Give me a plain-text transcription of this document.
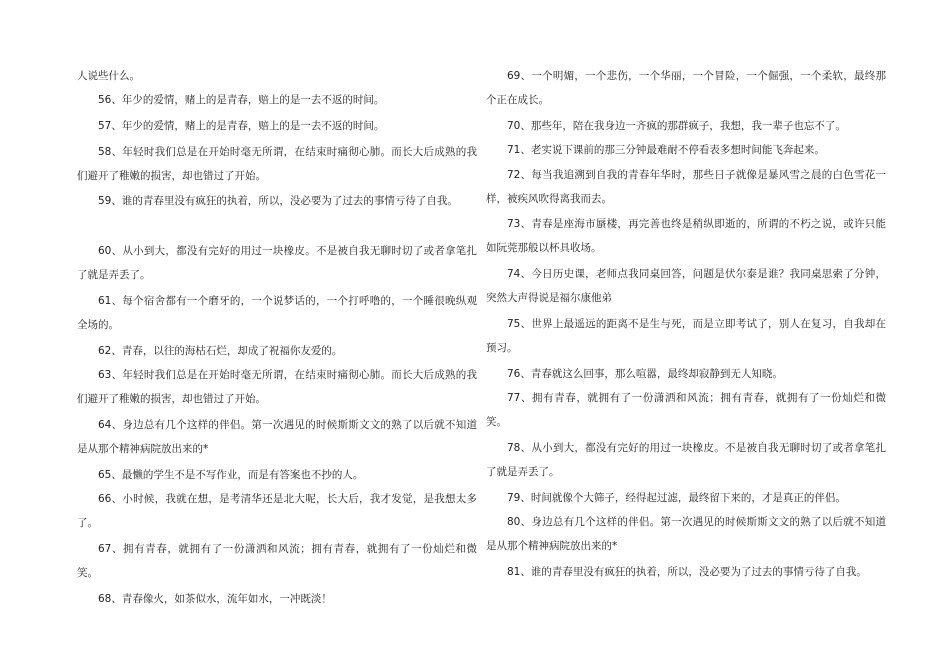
人说些什么。

56、年少的爱情，赌上的是青春，赔上的是一去不返的时间。

57、年少的爱情，赌上的是青春，赔上的是一去不返的时间。

58、年轻时我们总是在开始时毫无所谓，在结束时痛彻心肺。而长大后成熟的我们避开了稚嫩的损害，却也错过了开始。

59、谁的青春里没有疯狂的执着，所以，没必要为了过去的事情亏待了自我。

60、从小到大，都没有完好的用过一块橡皮。不是被自我无聊时切了或者拿笔扎了就是弄丢了。

61、每个宿舍都有一个磨牙的，一个说梦话的，一个打呼噜的，一个睡很晚纵观全场的。

62、青春，以往的海枯石烂，却成了祝福你友爱的。

63、年轻时我们总是在开始时毫无所谓，在结束时痛彻心肺。而长大后成熟的我们避开了稚嫩的损害，却也错过了开始。

64、身边总有几个这样的伴侣。第一次遇见的时候斯斯文文的熟了以后就不知道是从那个精神病院放出来的*

65、最懒的学生不是不写作业，而是有答案也不抄的人。

66、小时候，我就在想，是考清华还是北大呢，长大后，我才发觉，是我想太多了。

67、拥有青春，就拥有了一份潇洒和风流；拥有青春，就拥有了一份灿烂和微笑。

68、青春像火，如茶似水，流年如水，一冲既淡！

69、一个明媚，一个悲伤，一个华丽，一个冒险，一个倔强，一个柔软，最终那个正在成长。

70、那些年，陪在我身边一齐疯的那群疯子，我想，我一辈子也忘不了。

71、老实说下课前的那三分钟最难耐不停看表多想时间能飞奔起来。

72、每当我追溯到自我的青春年华时，那些日子就像是暴风雪之晨的白色雪花一样，被疾风吹得离我而去。

73、青春是座海市蜃楼，再完善也终是稍纵即逝的，所谓的不朽之说，或许只能如阮莞那般以杯具收场。

74、今日历史课，老师点我同桌回答，问题是伏尔泰是谁？我同桌思索了分钟，突然大声得说是福尔康他弟

75、世界上最遥远的距离不是生与死，而是立即考试了，别人在复习，自我却在预习。

76、青春就这么回事，那么喧嚣，最终却寂静到无人知晓。

77、拥有青春，就拥有了一份潇洒和风流；拥有青春，就拥有了一份灿烂和微笑。

78、从小到大，都没有完好的用过一块橡皮。不是被自我无聊时切了或者拿笔扎了就是弄丢了。

79、时间就像个大筛子，经得起过滤，最终留下来的，才是真正的伴侣。

80、身边总有几个这样的伴侣。第一次遇见的时候斯斯文文的熟了以后就不知道是从那个精神病院放出来的*

81、谁的青春里没有疯狂的执着，所以，没必要为了过去的事情亏待了自我。
